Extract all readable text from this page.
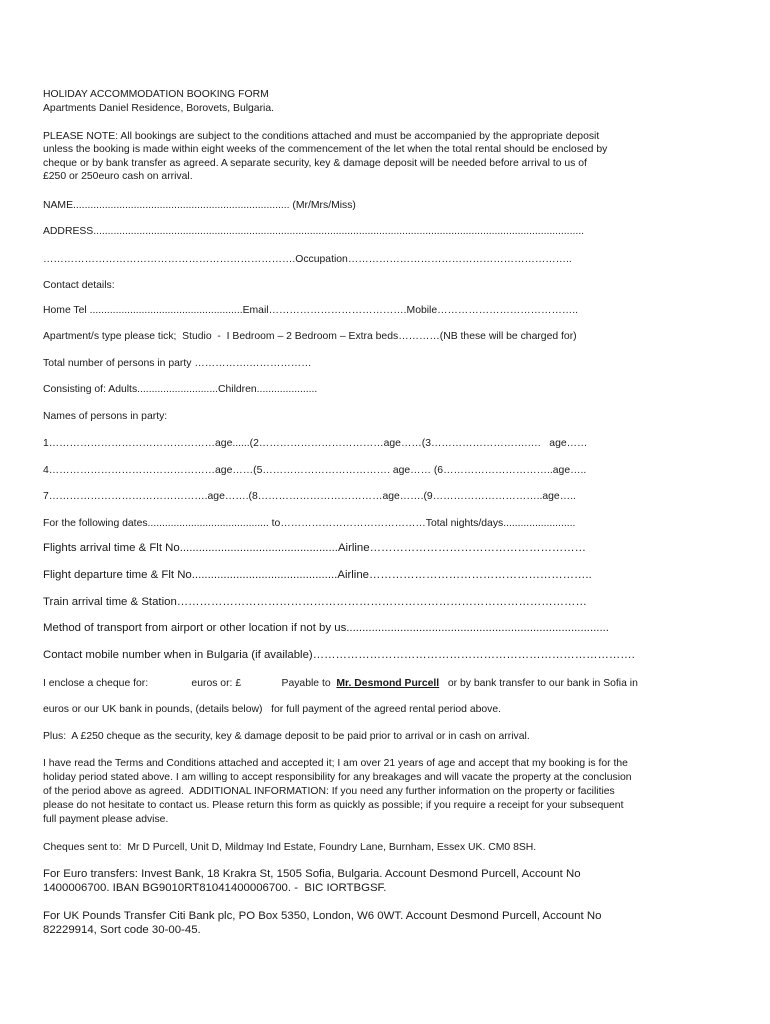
HOLIDAY ACCOMMODATION BOOKING FORM
Apartments Daniel Residence, Borovets, Bulgaria.
PLEASE NOTE: All bookings are subject to the conditions attached and must be accompanied by the appropriate deposit
unless the booking is made within eight weeks of the commencement of the let when the total rental should be enclosed by
cheque or by bank transfer as agreed. A separate security, key & damage deposit will be needed before arrival to us of
£250 or 250euro cash on arrival.
NAME........................................................................... (Mr/Mrs/Miss)
ADDRESS..........................................................................................................................................................................
……………………………………………………………….Occupation………………………………………………………..
Contact details:
Home Tel .....................................................Email………………………………….Mobile…………………………………..
Apartment/s type please tick;  Studio  -  I Bedroom – 2 Bedroom – Extra beds…………(NB these will be charged for)
Total number of persons in party …………….………………
Consisting of: Adults............................Children.....................
Names of persons in party:
1…………………………………………age......(2………………………………age……(3……………………….….   age……
4…………………………………………age……(5………………………………. age…… (6…………………………..age…..
7……………………………………….age…….(8………………………………age…….(9…………………………..age…..
For the following dates.......................................... to……………………………………Total nights/days.........................
Flights arrival time & Flt No..................................................Airline…………………………………………………
Flight departure time & Flt No..............................................Airline…………………………………………………..
Train arrival time & Station………………………………………………………………………………………………
Method of transport from airport or other location if not by us...................................................................................
Contact mobile number when in Bulgaria (if available)………………………………………………………………………….
I enclose a cheque for:               euros or: £              Payable to  Mr. Desmond Purcell   or by bank transfer to our bank in Sofia in
euros or our UK bank in pounds, (details below)   for full payment of the agreed rental period above.
Plus:  A £250 cheque as the security, key & damage deposit to be paid prior to arrival or in cash on arrival.
I have read the Terms and Conditions attached and accepted it; I am over 21 years of age and accept that my booking is for the
holiday period stated above. I am willing to accept responsibility for any breakages and will vacate the property at the conclusion
of the period above as agreed.  ADDITIONAL INFORMATION: If you need any further information on the property or facilities
please do not hesitate to contact us. Please return this form as quickly as possible; if you require a receipt for your subsequent
full payment please advise.
Cheques sent to:  Mr D Purcell, Unit D, Mildmay Ind Estate, Foundry Lane, Burnham, Essex UK. CM0 8SH.
For Euro transfers: Invest Bank, 18 Krakra St, 1505 Sofia, Bulgaria. Account Desmond Purcell, Account No
1400006700. IBAN BG9010RT81041400006700. -  BIC IORTBGSF.
For UK Pounds Transfer Citi Bank plc, PO Box 5350, London, W6 0WT. Account Desmond Purcell, Account No
82229914, Sort code 30-00-45.
